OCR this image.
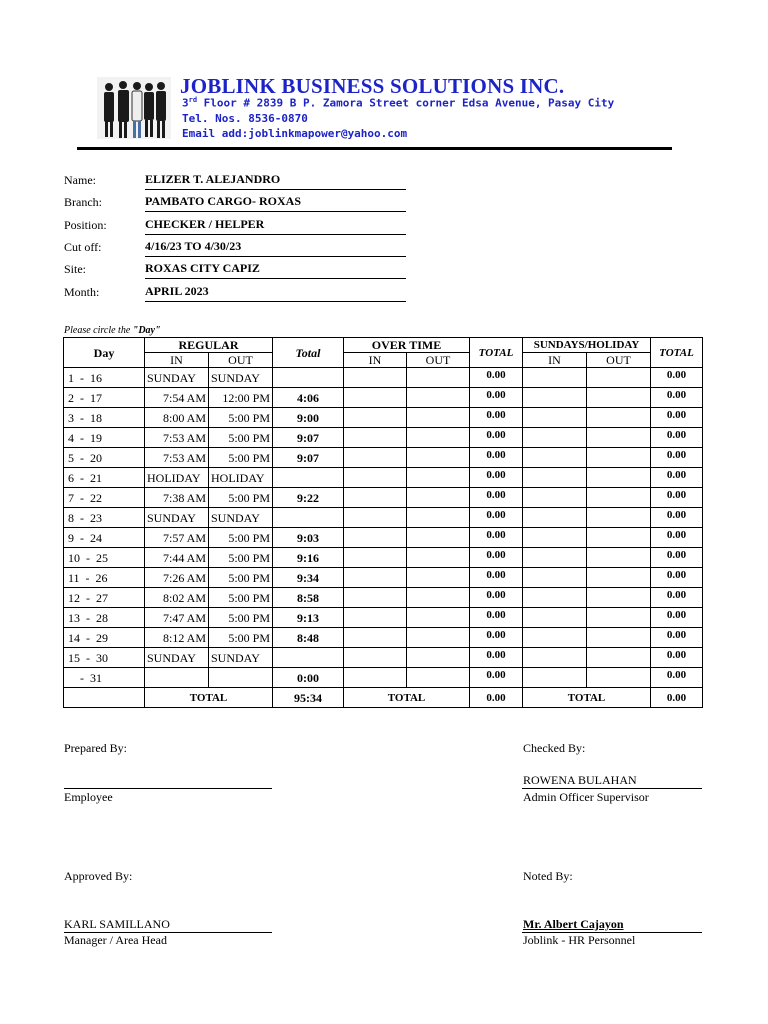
JOBLINK BUSINESS SOLUTIONS INC.
3rd Floor # 2839 B P. Zamora Street corner Edsa Avenue, Pasay City
Tel. Nos. 8536-0870
Email add:joblinkmapower@yahoo.com
Name:	ELIZER T. ALEJANDRO
Branch:	PAMBATO CARGO- ROXAS
Position:	CHECKER / HELPER
Cut off:	4/16/23 TO 4/30/23
Site:	ROXAS CITY CAPIZ
Month:	APRIL 2023
Please circle the "Day"
Day	REGULAR		Total	OVER TIME		TOTAL	SUNDAYS/HOLIDAY		TOTAL
	IN	OUT		IN	OUT		IN	OUT	
1  -  16	SUNDAY	SUNDAY				0.00			0.00
2  -  17	7:54 AM	12:00 PM	4:06			0.00			0.00
3  -  18	8:00 AM	5:00 PM	9:00			0.00			0.00
4  -  19	7:53 AM	5:00 PM	9:07			0.00			0.00
5  -  20	7:53 AM	5:00 PM	9:07			0.00			0.00
6  -  21	HOLIDAY	HOLIDAY				0.00			0.00
7  -  22	7:38 AM	5:00 PM	9:22			0.00			0.00
8  -  23	SUNDAY	SUNDAY				0.00			0.00
9  -  24	7:57 AM	5:00 PM	9:03			0.00			0.00
10  -  25	7:44 AM	5:00 PM	9:16			0.00			0.00
11  -  26	7:26 AM	5:00 PM	9:34			0.00			0.00
12  -  27	8:02 AM	5:00 PM	8:58			0.00			0.00
13  -  28	7:47 AM	5:00 PM	9:13			0.00			0.00
14  -  29	8:12 AM	5:00 PM	8:48			0.00			0.00
15  -  30	SUNDAY	SUNDAY				0.00			0.00
-  31			0:00			0.00			0.00
	TOTAL		95:34	TOTAL		0.00	TOTAL		0.00
Prepared By:
Employee
Checked By:
ROWENA BULAHAN
Admin Officer Supervisor
Approved By:
KARL SAMILLANO
Manager / Area Head
Noted By:
Mr. Albert Cajayon
Joblink - HR Personnel
